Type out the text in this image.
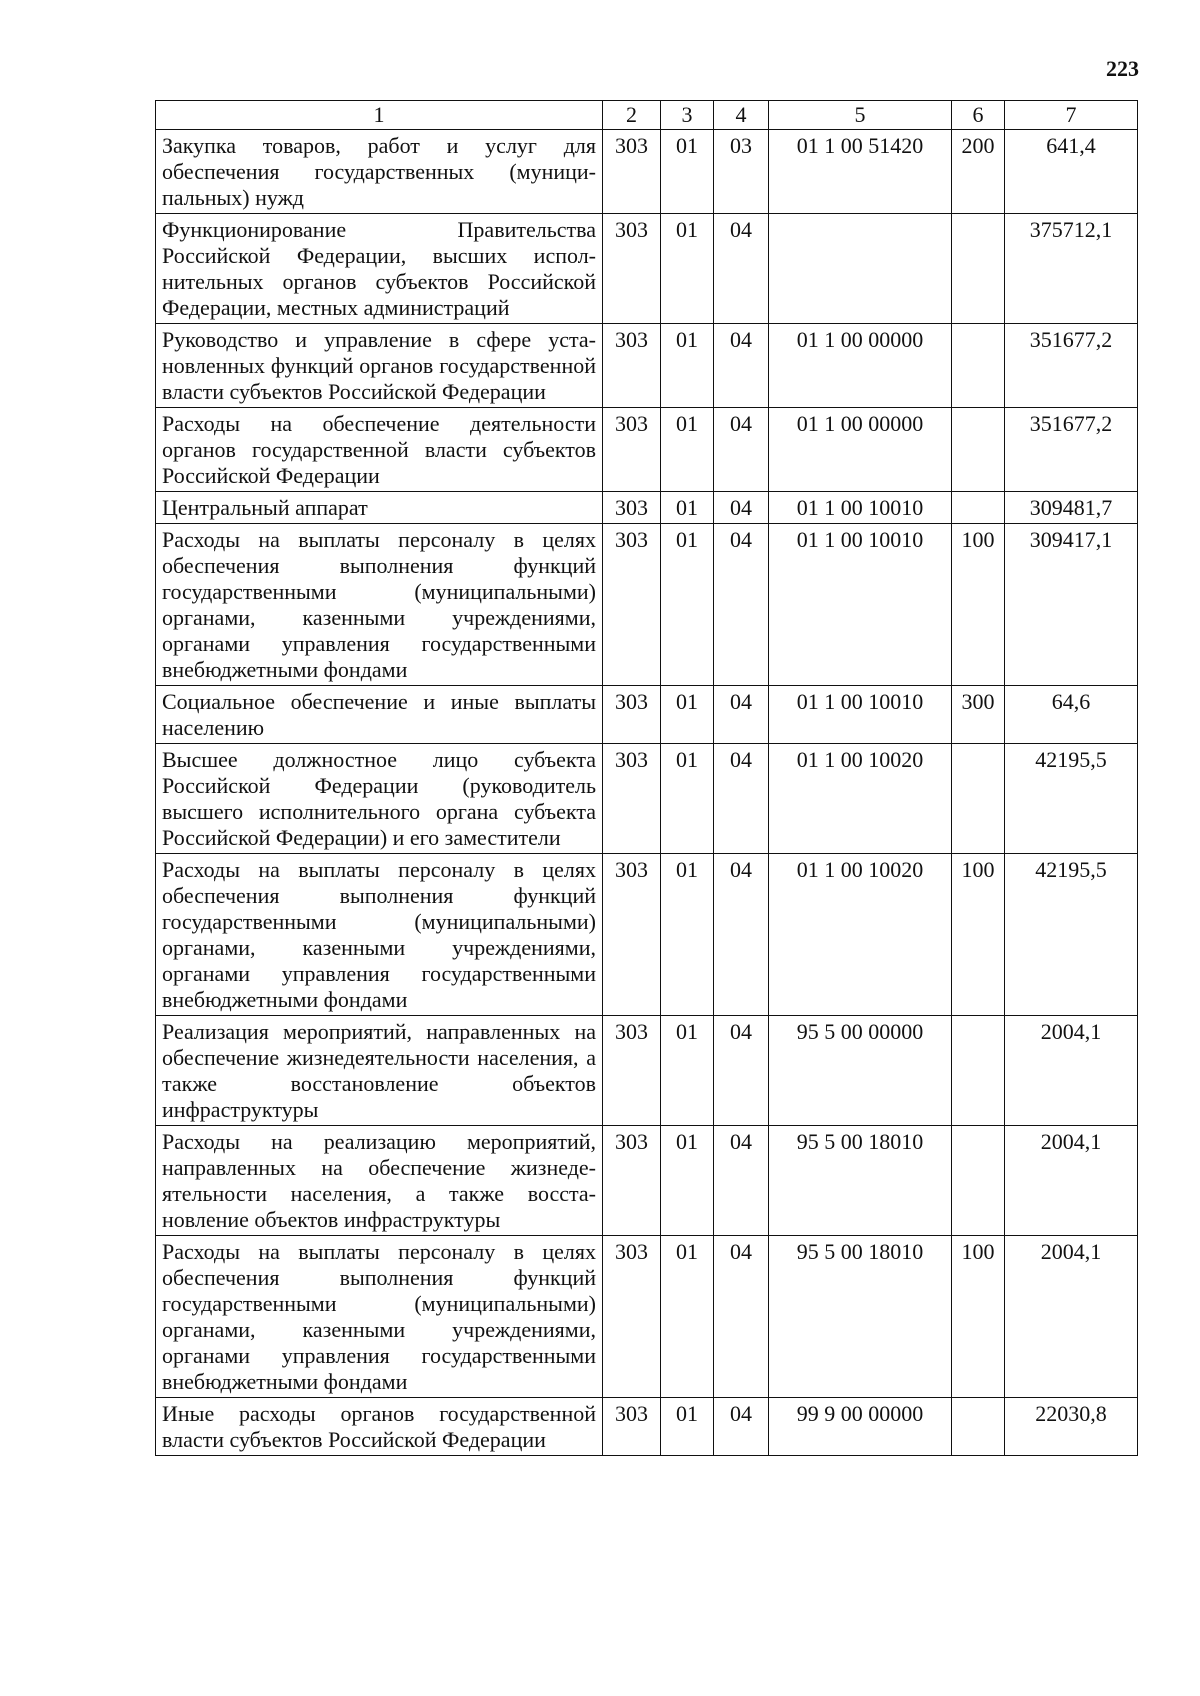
223
1	2	3	4	5	6	7
Закупка товаров, работ и услуг для обеспечения государственных (муниципальных) нужд	303	01	03	01 1 00 51420	200	641,4
Функционирование Правительства Российской Федерации, высших исполнительных органов субъектов Российской Федерации, местных администраций	303	01	04			375712,1
Руководство и управление в сфере установленных функций органов государственной власти субъектов Российской Федерации	303	01	04	01 1 00 00000		351677,2
Расходы на обеспечение деятельности органов государственной власти субъектов Российской Федерации	303	01	04	01 1 00 00000		351677,2
Центральный аппарат	303	01	04	01 1 00 10010		309481,7
Расходы на выплаты персоналу в целях обеспечения выполнения функций государственными (муниципальными) органами, казенными учреждениями, органами управления государственными внебюджетными фондами	303	01	04	01 1 00 10010	100	309417,1
Социальное обеспечение и иные выплаты населению	303	01	04	01 1 00 10010	300	64,6
Высшее должностное лицо субъекта Российской Федерации (руководитель высшего исполнительного органа субъекта Российской Федерации) и его заместители	303	01	04	01 1 00 10020		42195,5
Расходы на выплаты персоналу в целях обеспечения выполнения функций государственными (муниципальными) органами, казенными учреждениями, органами управления государственными внебюджетными фондами	303	01	04	01 1 00 10020	100	42195,5
Реализация мероприятий, направленных на обеспечение жизнедеятельности населения, а также восстановление объектов инфраструктуры	303	01	04	95 5 00 00000		2004,1
Расходы на реализацию мероприятий, направленных на обеспечение жизнедеятельности населения, а также восстановление объектов инфраструктуры	303	01	04	95 5 00 18010		2004,1
Расходы на выплаты персоналу в целях обеспечения выполнения функций государственными (муниципальными) органами, казенными учреждениями, органами управления государственными внебюджетными фондами	303	01	04	95 5 00 18010	100	2004,1
Иные расходы органов государственной власти субъектов Российской Федерации	303	01	04	99 9 00 00000		22030,8
